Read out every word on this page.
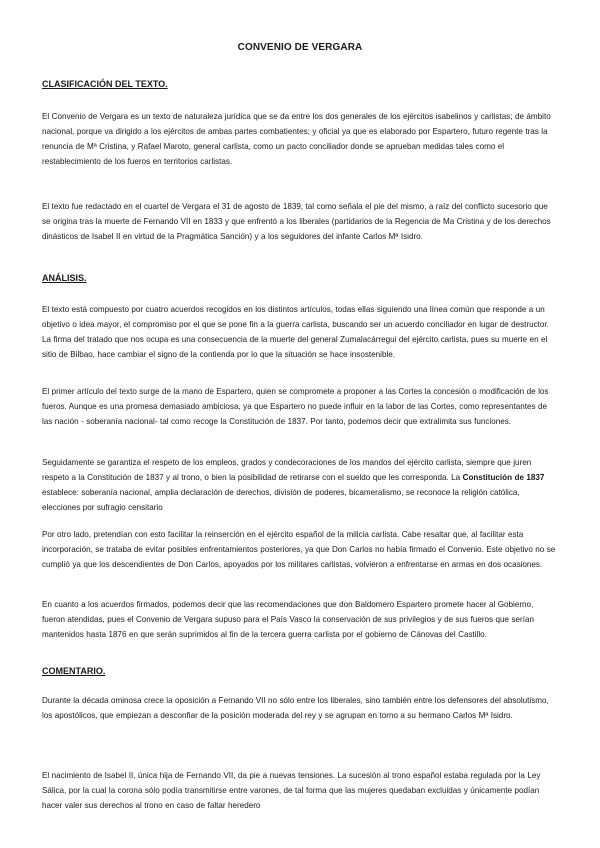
CONVENIO DE VERGARA
CLASIFICACIÓN DEL TEXTO.
El Convenio de Vergara es un texto de naturaleza jurídica que se da entre los dos generales de los ejércitos isabelinos y carlistas; de ámbito nacional, porque va dirigido a los ejércitos de ambas partes combatientes; y oficial ya que es elaborado por Espartero, futuro regente tras la renuncia de Mª Cristina, y Rafael Maroto, general carlista, como un pacto conciliador donde se aprueban medidas tales como el restablecimiento de los fueros en territorios carlistas.
El texto fue redactado en el cuartel de Vergara el 31 de agosto de 1839, tal como señala el pie del mismo, a raíz del conflicto sucesorio que se origina tras la muerte de Fernando VII en 1833 y que enfrentó a los liberales (partidarios de la Regencia de Ma Cristina y de los derechos dinásticos de Isabel II en virtud de la Pragmática Sanción) y a los seguidores del infante Carlos Mª Isidro.
ANÁLISIS.
El texto está compuesto por cuatro acuerdos recogidos en los distintos artículos, todas ellas siguiendo una línea común que responde a un objetivo o idea mayor, el compromiso por el que se pone fin a la guerra carlista, buscando ser un acuerdo conciliador en lugar de destructor. La firma del tratado que nos ocupa es una consecuencia de la muerte del general Zumalacárregui del ejército carlista, pues su muerte en el sitio de Bilbao, hace cambiar el signo de la contienda por lo que la situación se hace insostenible.
El primer artículo del texto surge de la mano de Espartero, quien se compromete a proponer a las Cortes la concesión o modificación de los fueros. Aunque es una promesa demasiado ambiciosa, ya que Espartero no puede influir en la labor de las Cortes, como representantes de las nación - soberanía nacional- tal como recoge la Constitución de 1837. Por tanto, podemos decir que extralimita sus funciones.
Seguidamente se garantiza el respeto de los empleos, grados y condecoraciones de los mandos del ejército carlista, siempre que juren respeto a la Constitución de 1837 y al trono, o bien la posibilidad de retirarse con el sueldo que les corresponda. La Constitución de 1837 establece: soberanía nacional, amplia declaración de derechos, división de poderes, bicameralismo, se reconoce la religión católica, elecciones por sufragio censitario
Por otro lado, pretendían con esto facilitar la reinserción en el ejército español de la milicia carlista. Cabe resaltar que, al facilitar esta incorporación, se trataba de evitar posibles enfrentamientos posteriores, ya que Don Carlos no había firmado el Convenio. Este objetivo no se cumplió ya que los descendientes de Don Carlos, apoyados por los militares carlistas, volvieron a enfrentarse en armas en dos ocasiones.
En cuanto a los acuerdos firmados, podemos decir que las recomendaciones que don Baldomero Espartero promete hacer al Gobierno, fueron atendidas, pues el Convenio de Vergara supuso para el País Vasco la conservación de sus privilegios y de sus fueros que serían mantenidos hasta 1876 en que serán suprimidos al fin de la tercera guerra carlista por el gobierno de Cánovas del Castillo.
COMENTARIO.
Durante la década ominosa crece la oposición a Fernando VII no sólo entre los liberales, sino también entre los defensores del absolutismo, los apostólicos, que empiezan a desconfiar de la posición moderada del rey y se agrupan en torno a su hermano Carlos Mª Isidro.
El nacimiento de Isabel II, única hija de Fernando VII, da pie a nuevas tensiones. La sucesión al trono español estaba regulada por la Ley Sálica, por la cual la corona sólo podía transmitirse entre varones, de tal forma que las mujeres quedaban excluidas y únicamente podían hacer valer sus derechos al trono en caso de faltar heredero
